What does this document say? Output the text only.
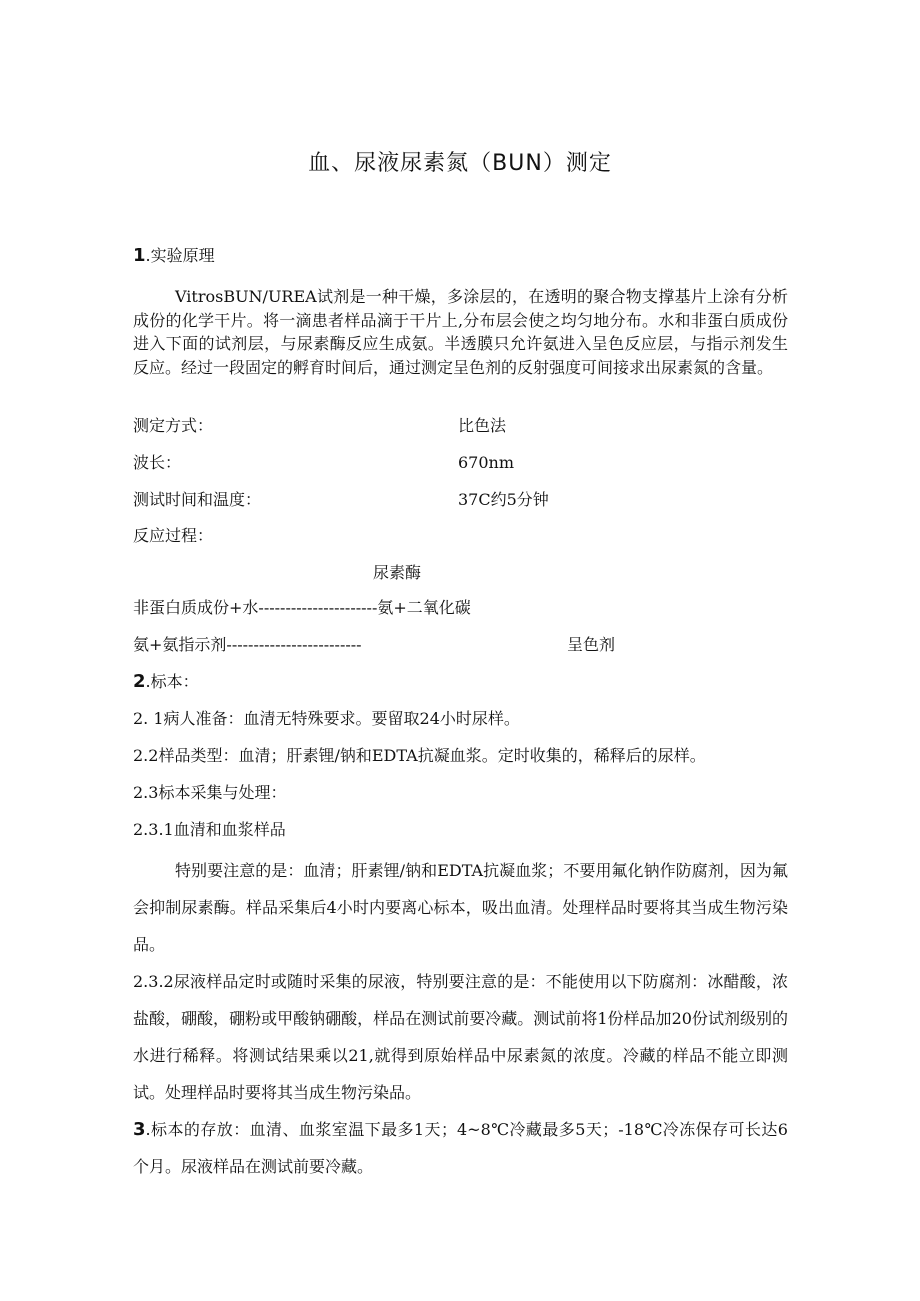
血、尿液尿素氮（BUN）测定
1.实验原理
VitrosBUN/UREA试剂是一种干燥，多涂层的，在透明的聚合物支撑基片上涂有分析成份的化学干片。将一滴患者样品滴于干片上,分布层会使之均匀地分布。水和非蛋白质成份进入下面的试剂层，与尿素酶反应生成氨。半透膜只允许氨进入呈色反应层，与指示剂发生反应。经过一段固定的孵育时间后，通过测定呈色剂的反射强度可间接求出尿素氮的含量。
测定方式：	比色法
波长：	670nm
测试时间和温度：	37C约5分钟
反应过程：
尿素酶
非蛋白质成份+水----------------------氨+二氧化碳
氨+氨指示剂-------------------------	呈色剂
2.标本：
2. 1病人准备：血清无特殊要求。要留取24小时尿样。
2.2样品类型：血清；肝素锂/钠和EDTA抗凝血浆。定时收集的，稀释后的尿样。
2.3标本采集与处理：
2.3.1血清和血浆样品
特别要注意的是：血清；肝素锂/钠和EDTA抗凝血浆；不要用氟化钠作防腐剂，因为氟会抑制尿素酶。样品采集后4小时内要离心标本，吸出血清。处理样品时要将其当成生物污染品。
2.3.2尿液样品定时或随时采集的尿液，特别要注意的是：不能使用以下防腐剂：冰醋酸，浓盐酸，硼酸，硼粉或甲酸钠硼酸，样品在测试前要冷藏。测试前将1份样品加20份试剂级别的水进行稀释。将测试结果乘以21,就得到原始样品中尿素氮的浓度。冷藏的样品不能立即测试。处理样品时要将其当成生物污染品。
3.标本的存放：血清、血浆室温下最多1天；4~8℃冷藏最多5天；-18℃冷冻保存可长达6个月。尿液样品在测试前要冷藏。
